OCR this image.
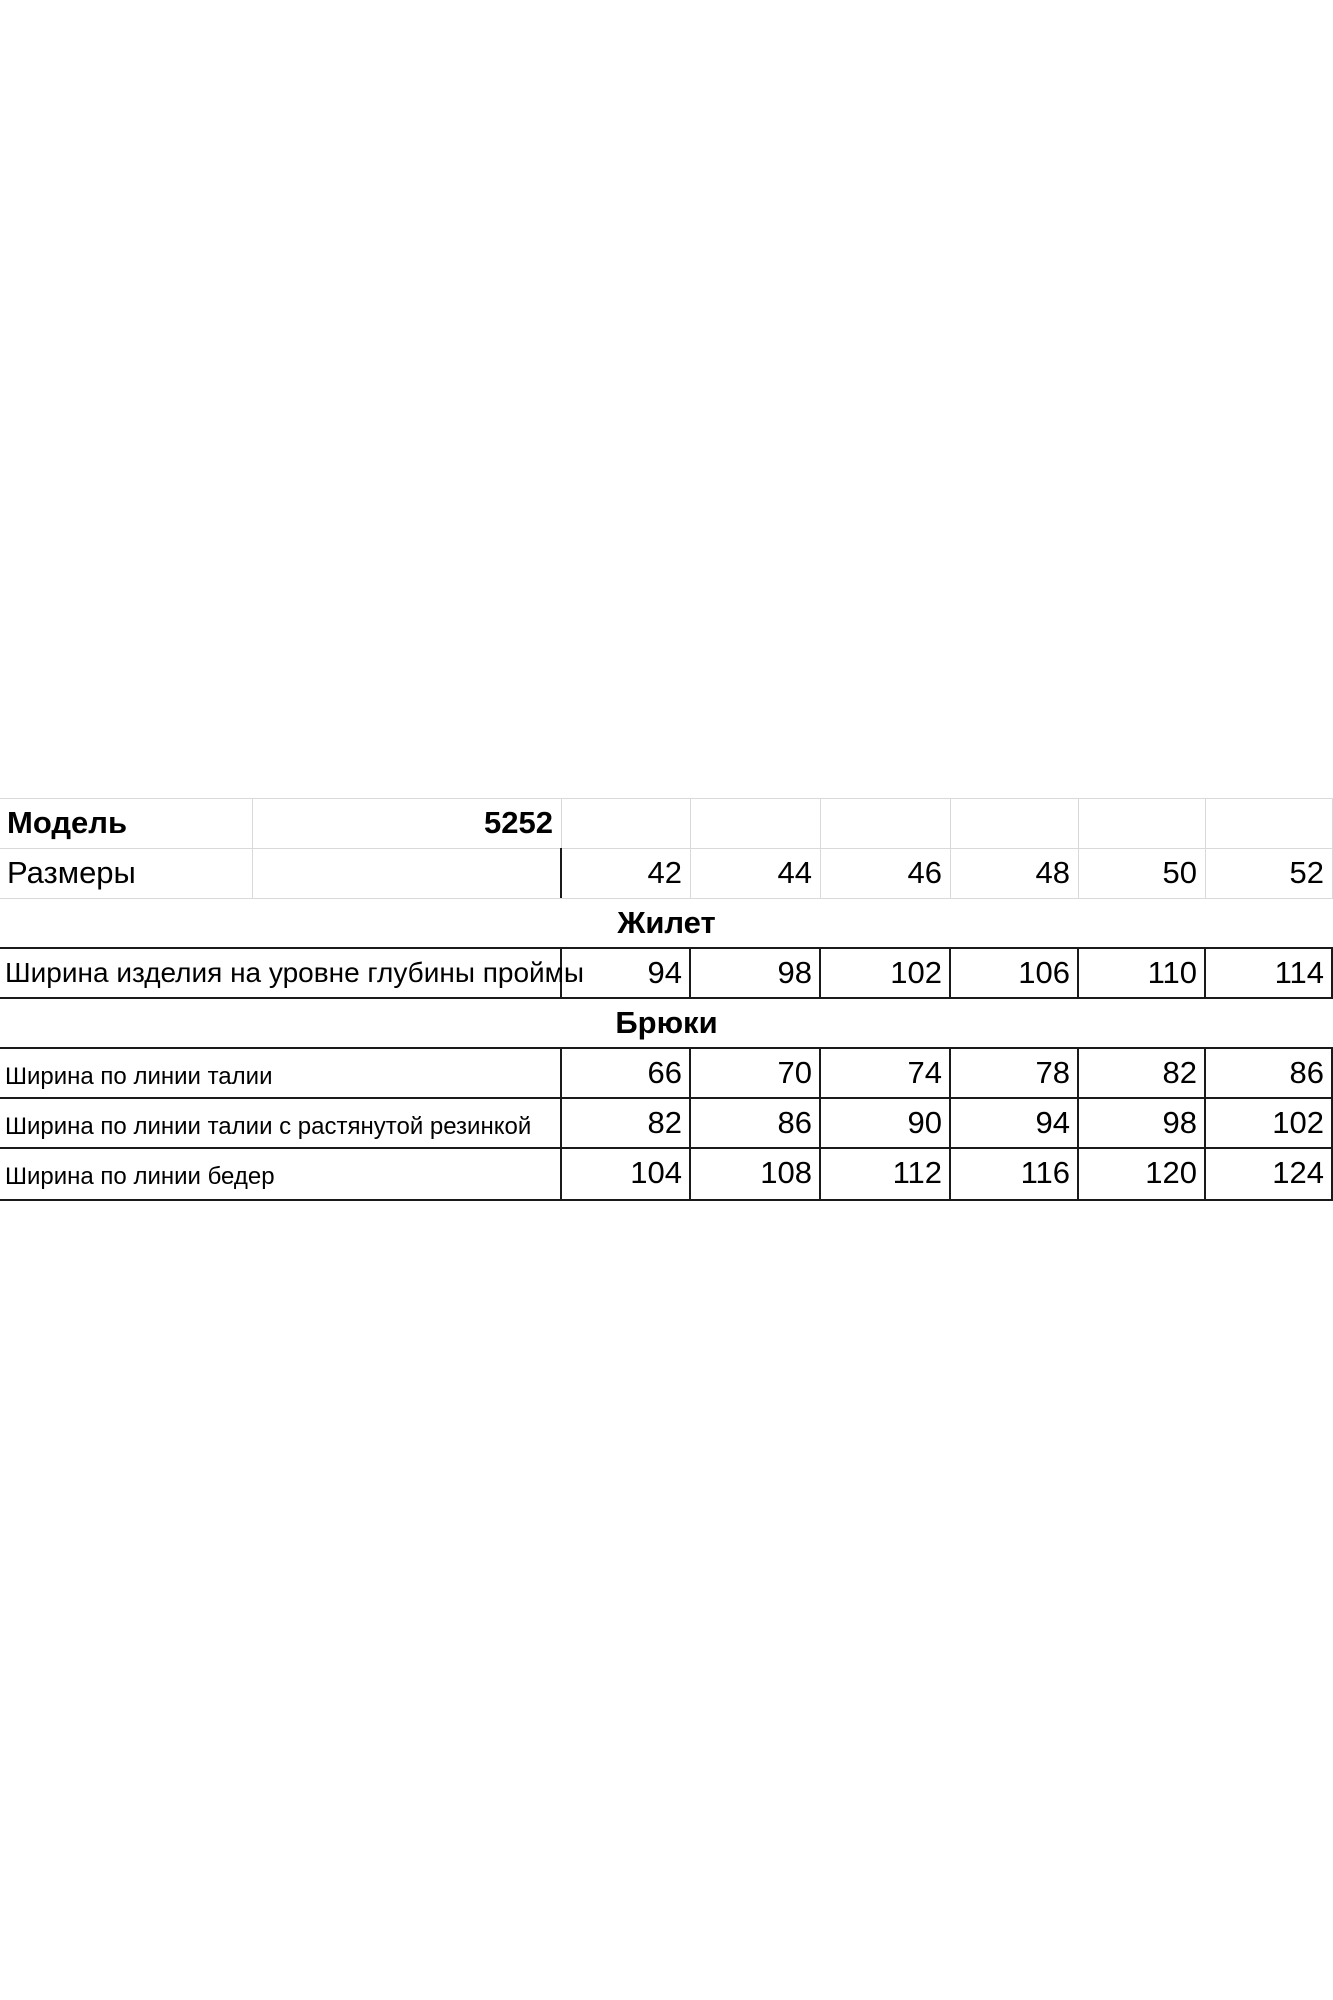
Модель	5252
Размеры	42	44	46	48	50	52
Жилет
Ширина изделия на уровне глубины проймы	94	98	102	106	110	114
Брюки
Ширина по линии талии	66	70	74	78	82	86
Ширина по линии талии с растянутой резинкой	82	86	90	94	98	102
Ширина по линии бедер	104	108	112	116	120	124
